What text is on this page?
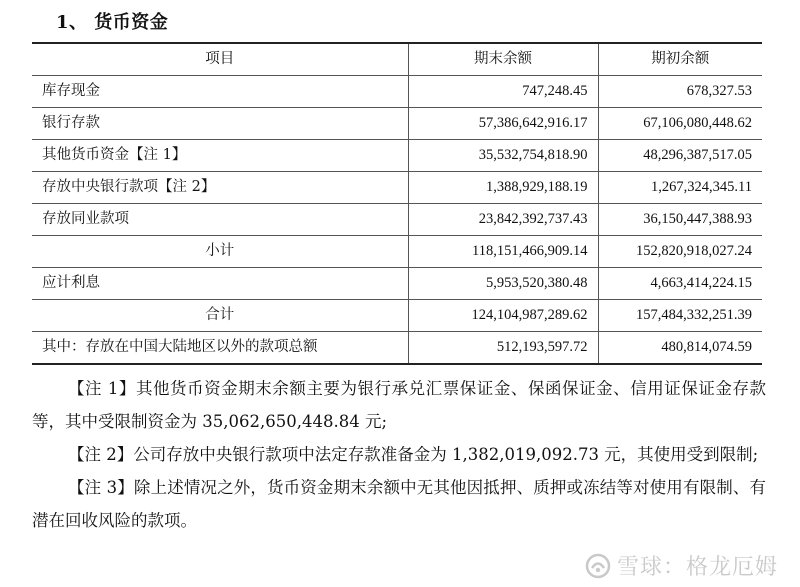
1、 货币资金
项目	期末余额	期初余额
库存现金	747,248.45	678,327.53
银行存款	57,386,642,916.17	67,106,080,448.62
其他货币资金【注 1】	35,532,754,818.90	48,296,387,517.05
存放中央银行款项【注 2】	1,388,929,188.19	1,267,324,345.11
存放同业款项	23,842,392,737.43	36,150,447,388.93
小计	118,151,466,909.14	152,820,918,027.24
应计利息	5,953,520,380.48	4,663,414,224.15
合计	124,104,987,289.62	157,484,332,251.39
其中：存放在中国大陆地区以外的款项总额	512,193,597.72	480,814,074.59

【注 1】其他货币资金期末余额主要为银行承兑汇票保证金、保函保证金、信用证保证金存款等，其中受限制资金为 35,062,650,448.84 元;

【注 2】公司存放中央银行款项中法定存款准备金为 1,382,019,092.73 元，其使用受到限制;

【注 3】除上述情况之外，货币资金期末余额中无其他因抵押、质押或冻结等对使用有限制、有潜在回收风险的款项。

雪球：格龙厄姆
